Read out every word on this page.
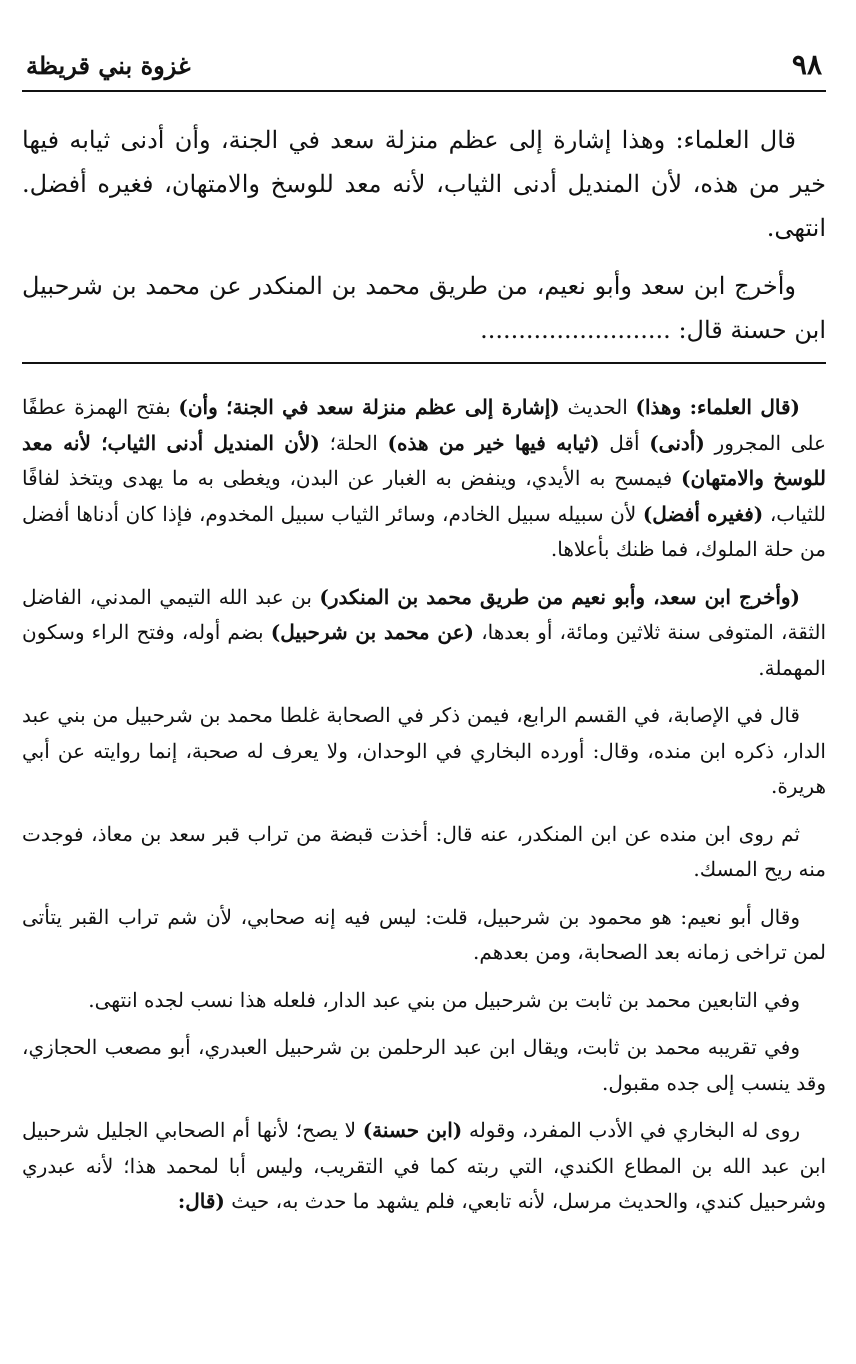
٩٨
غزوة بني قريظة

قال العلماء: وهذا إشارة إلى عظم منزلة سعد في الجنة، وأن أدنى ثيابه فيها خير من هذه، لأن المنديل أدنى الثياب، لأنه معد للوسخ والامتهان، فغيره أفضل. انتهى.

وأخرج ابن سعد وأبو نعيم، من طريق محمد بن المنكدر عن محمد بن شرحبيل ابن حسنة قال: .........................

(قال العلماء: وهذا) الحديث (إشارة إلى عظم منزلة سعد في الجنة؛ وأن) بفتح الهمزة عطفًا على المجرور (أدنى) أقل (ثيابه فيها خير من هذه) الحلة؛ (لأن المنديل أدنى الثياب؛ لأنه معد للوسخ والامتهان) فيمسح به الأيدي، وينفض به الغبار عن البدن، ويغطى به ما يهدى ويتخذ لفافًا للثياب، (فغيره أفضل) لأن سبيله سبيل الخادم، وسائر الثياب سبيل المخدوم، فإذا كان أدناها أفضل من حلة الملوك، فما ظنك بأعلاها.

(وأخرج ابن سعد، وأبو نعيم من طريق محمد بن المنكدر) بن عبد الله التيمي المدني، الفاضل الثقة، المتوفى سنة ثلاثين ومائة، أو بعدها، (عن محمد بن شرحبيل) بضم أوله، وفتح الراء وسكون المهملة.

قال في الإصابة، في القسم الرابع، فيمن ذكر في الصحابة غلطا محمد بن شرحبيل من بني عبد الدار، ذكره ابن منده، وقال: أورده البخاري في الوحدان، ولا يعرف له صحبة، إنما روايته عن أبي هريرة.

ثم روى ابن منده عن ابن المنكدر، عنه قال: أخذت قبضة من تراب قبر سعد بن معاذ، فوجدت منه ريح المسك.

وقال أبو نعيم: هو محمود بن شرحبيل، قلت: ليس فيه إنه صحابي، لأن شم تراب القبر يتأتى لمن تراخى زمانه بعد الصحابة، ومن بعدهم.

وفي التابعين محمد بن ثابت بن شرحبيل من بني عبد الدار، فلعله هذا نسب لجده انتهى.

وفي تقريبه محمد بن ثابت، ويقال ابن عبد الرحلمن بن شرحبيل العبدري، أبو مصعب الحجازي، وقد ينسب إلى جده مقبول.

روى له البخاري في الأدب المفرد، وقوله (ابن حسنة) لا يصح؛ لأنها أم الصحابي الجليل شرحبيل ابن عبد الله بن المطاع الكندي، التي ربته كما في التقريب، وليس أبا لمحمد هذا؛ لأنه عبدري وشرحبيل كندي، والحديث مرسل، لأنه تابعي، فلم يشهد ما حدث به، حيث (قال:
